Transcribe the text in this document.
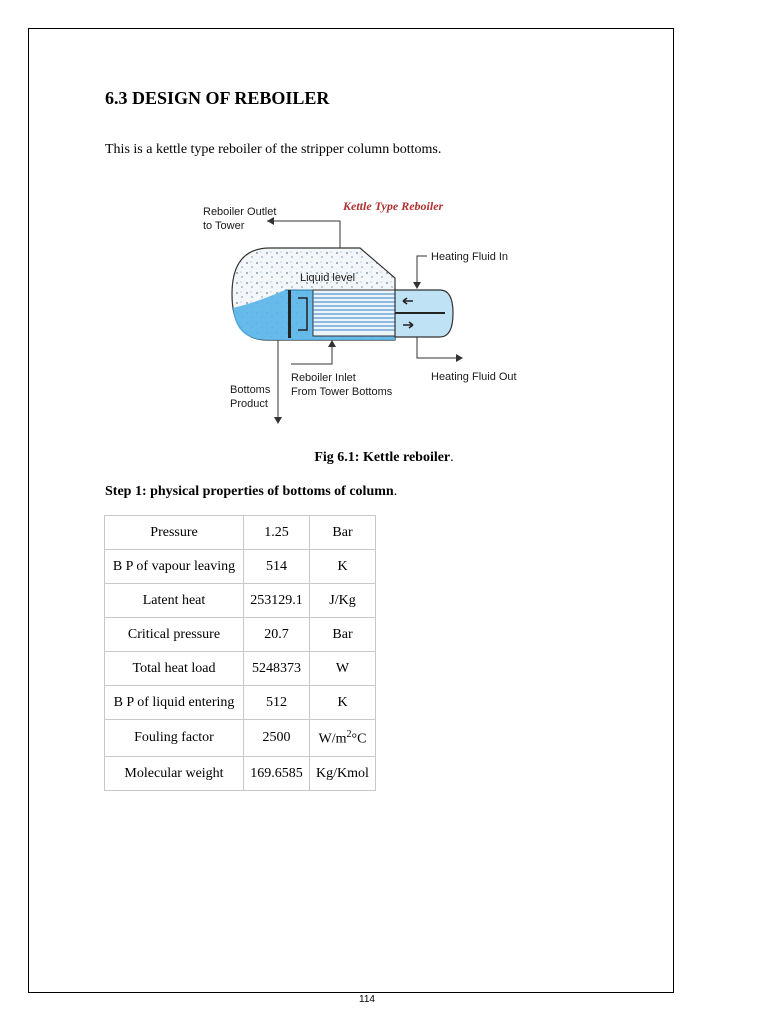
6.3 DESIGN OF REBOILER

This is a kettle type reboiler of the stripper column bottoms.

Kettle Type Reboiler
Reboiler Outlet
to Tower
Liquid level
Heating Fluid In
Heating Fluid Out
Reboiler Inlet
From Tower Bottoms
Bottoms
Product
Fig 6.1: Kettle reboiler.
Step 1: physical properties of bottoms of column.
Pressure	1.25	Bar
B P of vapour leaving	514	K
Latent heat	253129.1	J/Kg
Critical pressure	20.7	Bar
Total heat load	5248373	W
B P of liquid entering	512	K
Fouling factor	2500	$W/m^2^\circ C$
Molecular weight	169.6585	Kg/Kmol
114
